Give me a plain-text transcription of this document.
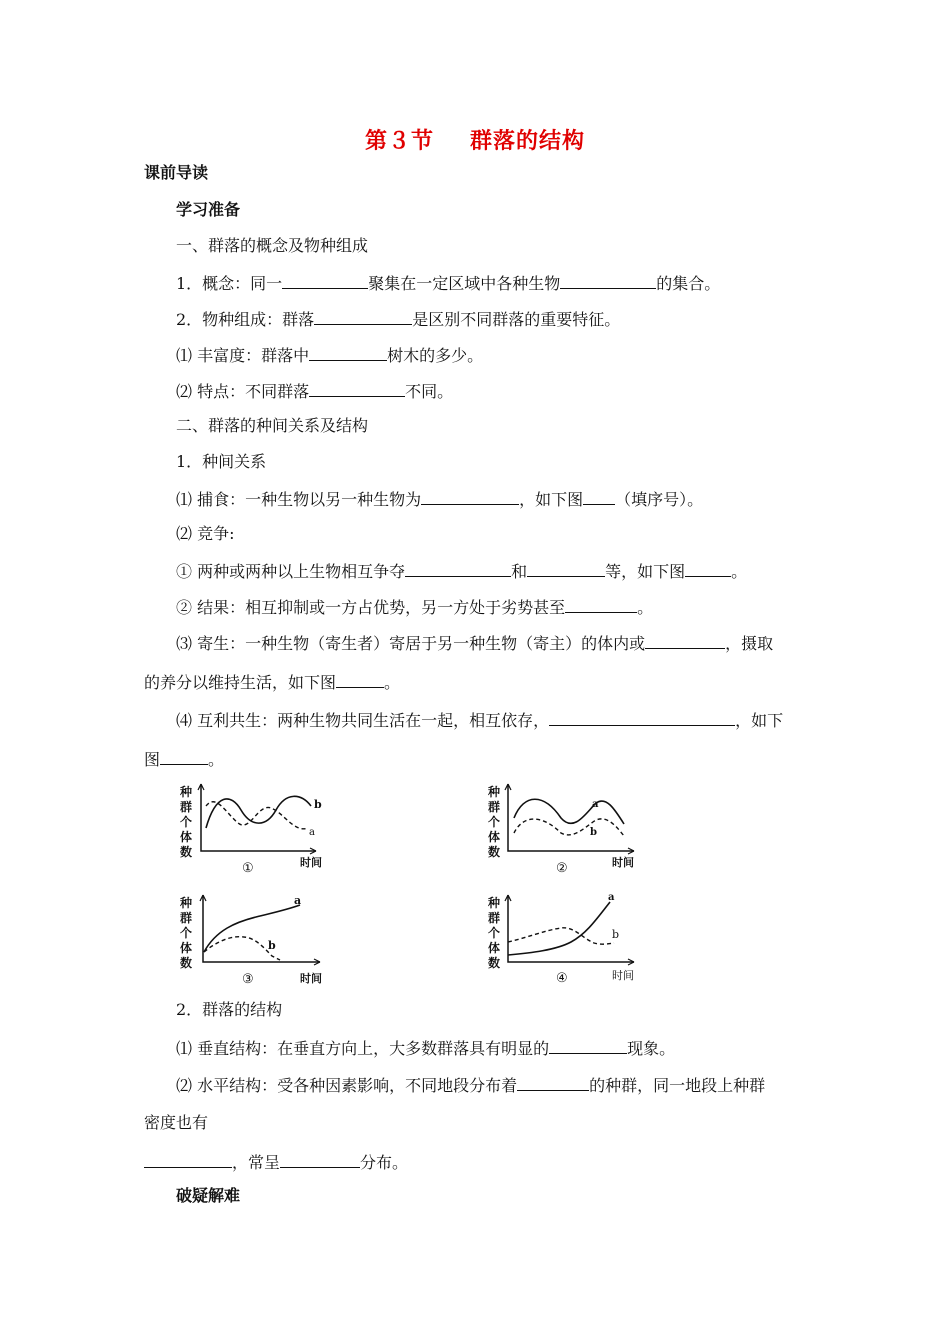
第３节 群落的结构
课前导读
学习准备
一、群落的概念及物种组成
1．概念：同一	聚集在一定区域中各种生物	的集合。
2．物种组成：群落	是区别不同群落的重要特征。
⑴ 丰富度：群落中	树木的多少。
⑵ 特点：不同群落	不同。
二、群落的种间关系及结构
1．种间关系
⑴ 捕食：一种生物以另一种生物为	，如下图 （填序号）。
⑵ 竞争:
① 两种或两种以上生物相互争夺	和	等，如下图	。
② 结果：相互抑制或一方占优势，另一方处于劣势甚至	。
⑶ 寄生：一种生物（寄生者）寄居于另一种生物（寄主）的体内或	，摄取
的养分以维持生活，如下图	。
⑷ 互利共生：两种生物共同生活在一起，相互依存，	，如下
图	。
种
群
个
体
数
b
a
①	时间
种
群
个
体
数
a
b
②	时间
种
群
个
体
数
a
b
③	时间
种
群
个
体
数
a
b
④	时间
2．群落的结构
⑴ 垂直结构：在垂直方向上，大多数群落具有明显的	现象。
⑵ 水平结构：受各种因素影响，不同地段分布着	的种群，同一地段上种群
密度也有
，常呈	分布。
破疑解难
